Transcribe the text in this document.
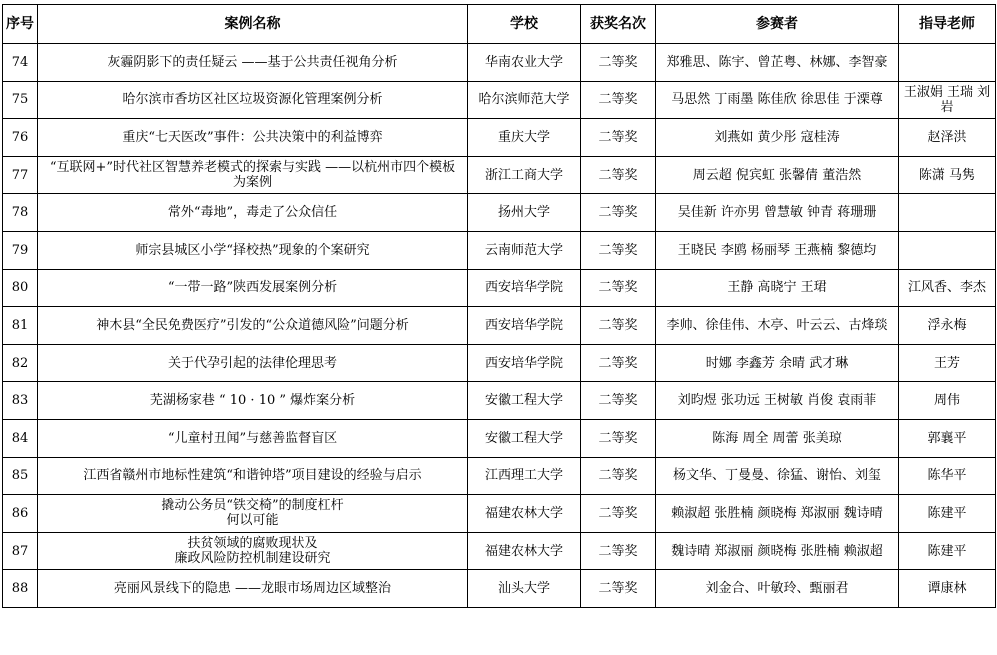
序号	案例名称	学校	获奖名次	参赛者	指导老师
74	灰霾阴影下的责任疑云 ——基于公共责任视角分析	华南农业大学	二等奖	郑雅思、陈宇、曾芷粤、林娜、李智豪	
75	哈尔滨市香坊区社区垃圾资源化管理案例分析	哈尔滨师范大学	二等奖	马思然 丁雨墨 陈佳欣 徐思佳 于溧尊	王淑娟 王瑞 刘岩
76	重庆“七天医改”事件：公共决策中的利益博弈	重庆大学	二等奖	刘燕如 黄少彤 寇桂涛	赵泽洪
77	“互联网+”时代社区智慧养老模式的探索与实践 ——以杭州市四个模板为案例	浙江工商大学	二等奖	周云超 倪宾虹 张馨倩 董浩然	陈潇 马隽
78	常外“毒地”，毒走了公众信任	扬州大学	二等奖	吴佳新 许亦男 曾慧敏 钟青 蒋珊珊	
79	师宗县城区小学“择校热”现象的个案研究	云南师范大学	二等奖	王晓民 李鸥 杨丽琴 王燕楠 黎德均	
80	“一带一路”陕西发展案例分析	西安培华学院	二等奖	王静 高晓宁 王珺	江风香、李杰
81	神木县“全民免费医疗”引发的“公众道德风险”问题分析	西安培华学院	二等奖	李帅、徐佳伟、木亭、叶云云、古烽琰	浮永梅
82	关于代孕引起的法律伦理思考	西安培华学院	二等奖	时娜 李鑫芳 余晴 武才琳	王芳
83	芜湖杨家巷 “ 10 · 10 ” 爆炸案分析	安徽工程大学	二等奖	刘昀煜 张功远 王树敏 肖俊 袁雨菲	周伟
84	“儿童村丑闻”与慈善监督盲区	安徽工程大学	二等奖	陈海 周全 周蕾 张美琼	郭襄平
85	江西省赣州市地标性建筑“和谐钟塔”项目建设的经验与启示	江西理工大学	二等奖	杨文华、丁曼曼、徐猛、谢怡、刘玺	陈华平
86	撬动公务员“铁交椅”的制度杠杆
何以可能	福建农林大学	二等奖	赖淑超 张胜楠 颜晓梅 郑淑丽 魏诗晴	陈建平
87	扶贫领域的腐败现状及
廉政风险防控机制建设研究	福建农林大学	二等奖	魏诗晴 郑淑丽 颜晓梅 张胜楠 赖淑超	陈建平
88	亮丽风景线下的隐患 ——龙眼市场周边区域整治	汕头大学	二等奖	刘金合、叶敏玲、甄丽君	谭康林
